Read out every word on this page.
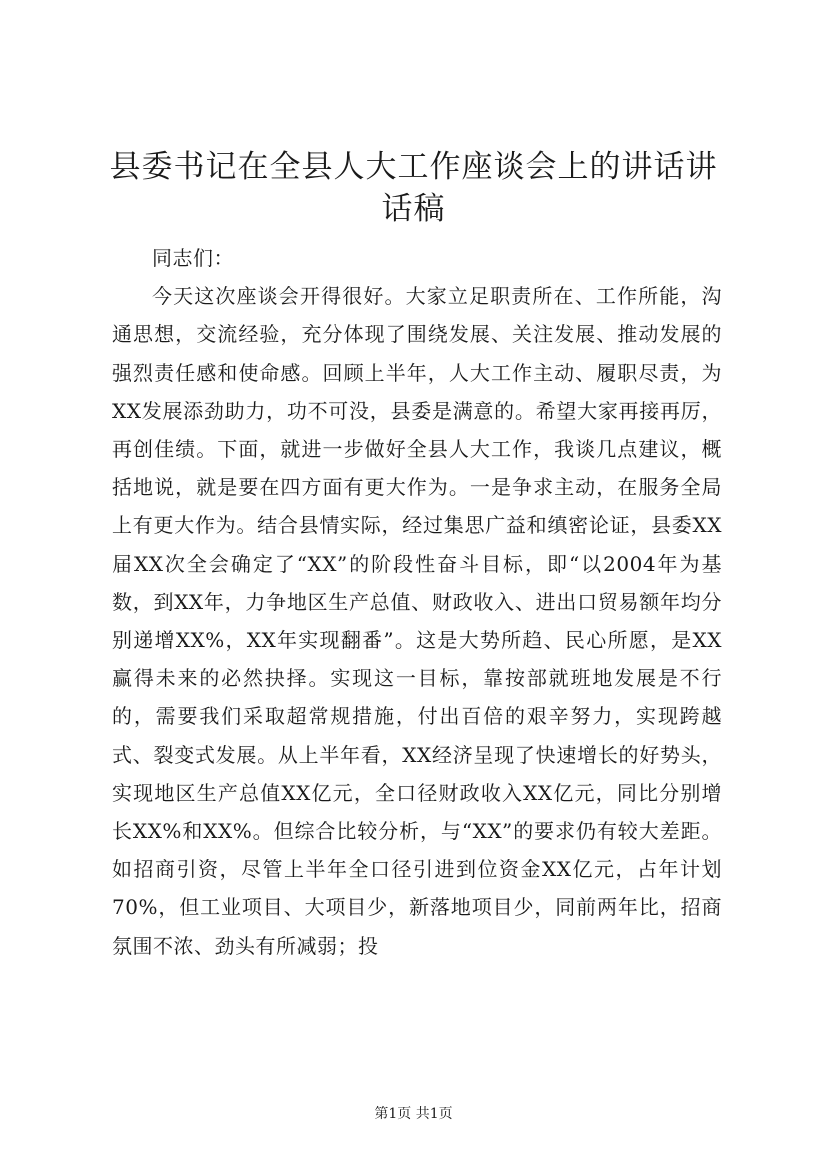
县委书记在全县人大工作座谈会上的讲话讲话稿

同志们：

今天这次座谈会开得很好。大家立足职责所在、工作所能，沟通思想，交流经验，充分体现了围绕发展、关注发展、推动发展的强烈责任感和使命感。回顾上半年，人大工作主动、履职尽责，为XX发展添劲助力，功不可没，县委是满意的。希望大家再接再厉，再创佳绩。下面，就进一步做好全县人大工作，我谈几点建议，概括地说，就是要在四方面有更大作为。一是争求主动，在服务全局上有更大作为。结合县情实际，经过集思广益和缜密论证，县委XX届XX次全会确定了“XX”的阶段性奋斗目标，即“以2004年为基数，到XX年，力争地区生产总值、财政收入、进出口贸易额年均分别递增XX%，XX年实现翻番”。这是大势所趋、民心所愿，是XX赢得未来的必然抉择。实现这一目标，靠按部就班地发展是不行的，需要我们采取超常规措施，付出百倍的艰辛努力，实现跨越式、裂变式发展。从上半年看，XX经济呈现了快速增长的好势头，实现地区生产总值XX亿元，全口径财政收入XX亿元，同比分别增长XX%和XX%。但综合比较分析，与“XX”的要求仍有较大差距。如招商引资，尽管上半年全口径引进到位资金XX亿元，占年计划70%，但工业项目、大项目少，新落地项目少，同前两年比，招商氛围不浓、劲头有所减弱；投

第1页 共1页
